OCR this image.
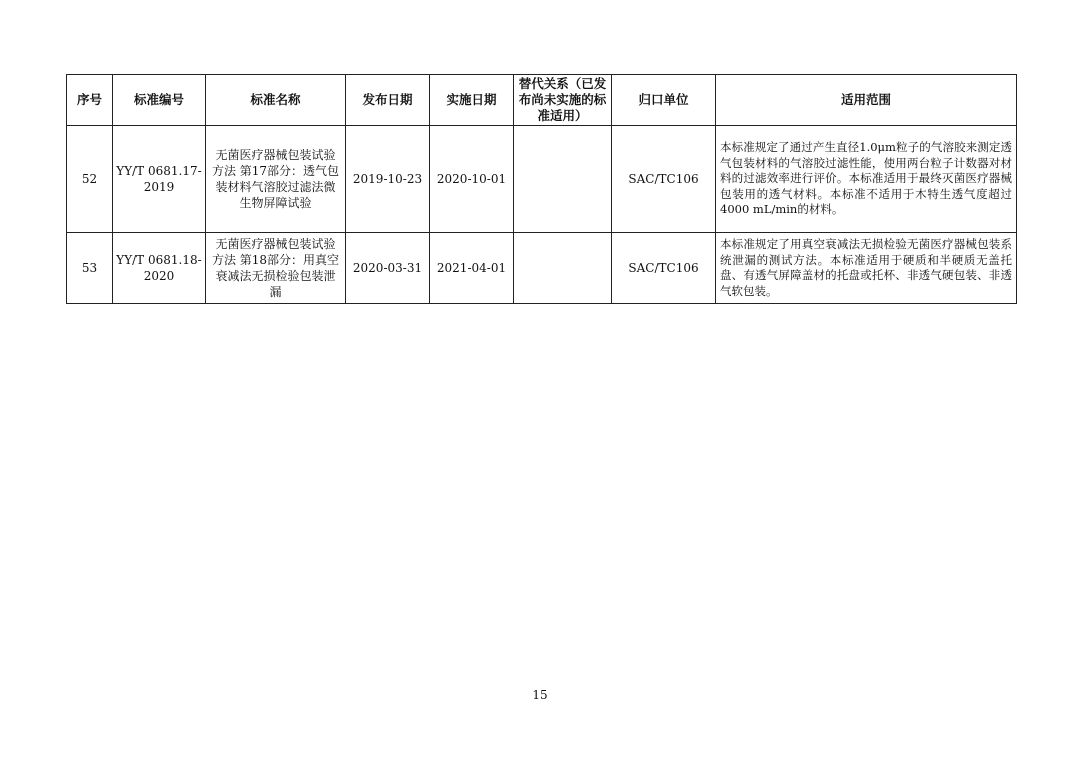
序号	标准编号	标准名称	发布日期	实施日期	替代关系（已发布尚未实施的标准适用）	归口单位	适用范围
52	YY/T 0681.17-2019	无菌医疗器械包装试验方法 第17部分：透气包装材料气溶胶过滤法微生物屏障试验	2019-10-23	2020-10-01		SAC/TC106	本标准规定了通过产生直径1.0μm粒子的气溶胶来测定透气包装材料的气溶胶过滤性能，使用两台粒子计数器对材料的过滤效率进行评价。本标准适用于最终灭菌医疗器械包装用的透气材料。本标准不适用于木特生透气度超过4000 mL/min的材料。
53	YY/T 0681.18-2020	无菌医疗器械包装试验方法 第18部分：用真空衰减法无损检验包装泄漏	2020-03-31	2021-04-01		SAC/TC106	本标准规定了用真空衰减法无损检验无菌医疗器械包装系统泄漏的测试方法。本标准适用于硬质和半硬质无盖托盘、有透气屏障盖材的托盘或托杯、非透气硬包装、非透气软包装。
15
